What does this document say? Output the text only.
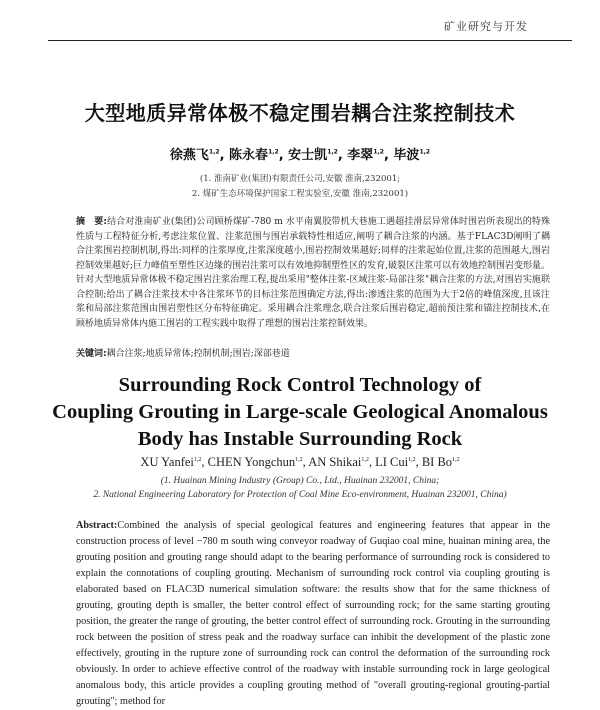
矿业研究与开发
大型地质异常体极不稳定围岩耦合注浆控制技术
徐燕飞$^{1,2}$, 陈永春$^{1,2}$, 安士凯$^{1,2}$, 李翠$^{1,2}$, 毕波$^{1,2}$
(1. 淮南矿业(集团)有限责任公司,安徽 淮南,232001;
2. 煤矿生态环境保护国家工程实验室,安徽 淮南,232001)
摘　要:结合对淮南矿业(集团)公司顾桥煤矿-780 m 水平南翼胶带机大巷施工遇超挂滑层异常体时围岩所表现出的特殊性质与工程特征分析,考虑注浆位置、注浆范围与围岩承载特性相适应,阐明了耦合注浆的内涵。基于FLAC3D阐明了耦合注浆围岩控制机制,得出:同样的注浆厚度,注浆深度越小,围岩控制效果越好;同样的注浆起始位置,注浆的范围越大,围岩控制效果越好;巨力峰值至塑性区边缘的围岩注浆可以有效地抑制塑性区的发育,破裂区注浆可以有效地控制围岩变形量。针对大型地质异常体极不稳定围岩注浆治理工程,提出采用"整体注浆-区域注浆-局部注浆"耦合注浆的方法,对围岩实施联合控制;给出了耦合注浆技术中各注浆环节的目标注浆范围确定方法,得出:渗透注浆的范围为大于2倍的峰值深度,且该注浆和局部注浆范围由围岩塑性区分布特征确定。采用耦合注浆理念,联合注浆后围岩稳定,超前预注浆和锚注控制技术,在顾桥地质异常体内施工围岩的工程实践中取得了理想的围岩注浆控制效果。
关键词:耦合注浆;地质异常体;控制机制;围岩;深部巷道
Surrounding Rock Control Technology of
Coupling Grouting in Large-scale Geological Anomalous
Body has Instable Surrounding Rock
XU Yanfei$^{1,2}$, CHEN Yongchun$^{1,2}$, AN Shikai$^{1,2}$, LI Cui$^{1,2}$, BI Bo$^{1,2}$
(1. Huainan Mining Industry (Group) Co., Ltd., Huainan 232001, China;
2. National Engineering Laboratory for Protection of Coal Mine Eco-environment, Huainan 232001, China)
Abstract:Combined the analysis of special geological features and engineering features that appear in the construction process of level −780 m south wing conveyor roadway of Guqiao coal mine, huainan mining area, the grouting position and grouting range should adapt to the bearing performance of surrounding rock is considered to explain the connotations of coupling grouting. Mechanism of surrounding rock control via coupling grouting is elaborated based on FLAC3D numerical simulation software: the results show that for the same thickness of grouting, grouting depth is smaller, the better control effect of surrounding rock; for the same starting grouting position, the greater the range of grouting, the better control effect of surrounding rock. Grouting in the surrounding rock between the position of stress peak and the roadway surface can inhibit the development of the plastic zone effectively, grouting in the rupture zone of surrounding rock can control the deformation of the surrounding rock obviously. In order to achieve effective control of the roadway with instable surrounding rock in large geological anomalous body, this article provides a coupling grouting method of "overall grouting-regional grouting-partial grouting"; method for
